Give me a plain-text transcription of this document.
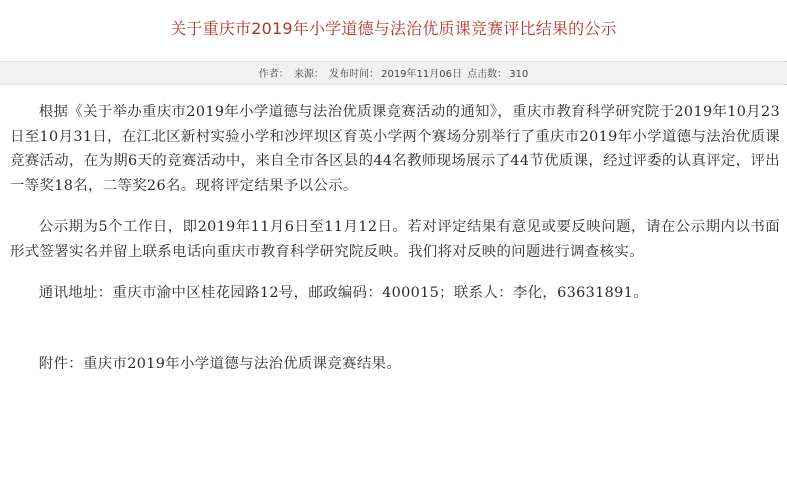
关于重庆市2019年小学道德与法治优质课竞赛评比结果的公示
作者： 来源： 发布时间： 2019年11月06日 点击数： 310

根据《关于举办重庆市2019年小学道德与法治优质课竞赛活动的通知》，重庆市教育科学研究院于2019年10月23日至10月31日，在江北区新村实验小学和沙坪坝区育英小学两个赛场分别举行了重庆市2019年小学道德与法治优质课竞赛活动，在为期6天的竞赛活动中，来自全市各区县的44名教师现场展示了44节优质课，经过评委的认真评定，评出一等奖18名，二等奖26名。现将评定结果予以公示。

公示期为5个工作日，即2019年11月6日至11月12日。若对评定结果有意见或要反映问题，请在公示期内以书面形式签署实名并留上联系电话向重庆市教育科学研究院反映。我们将对反映的问题进行调查核实。

通讯地址：重庆市渝中区桂花园路12号，邮政编码：400015；联系人：李化，63631891。

附件：重庆市2019年小学道德与法治优质课竞赛结果。
